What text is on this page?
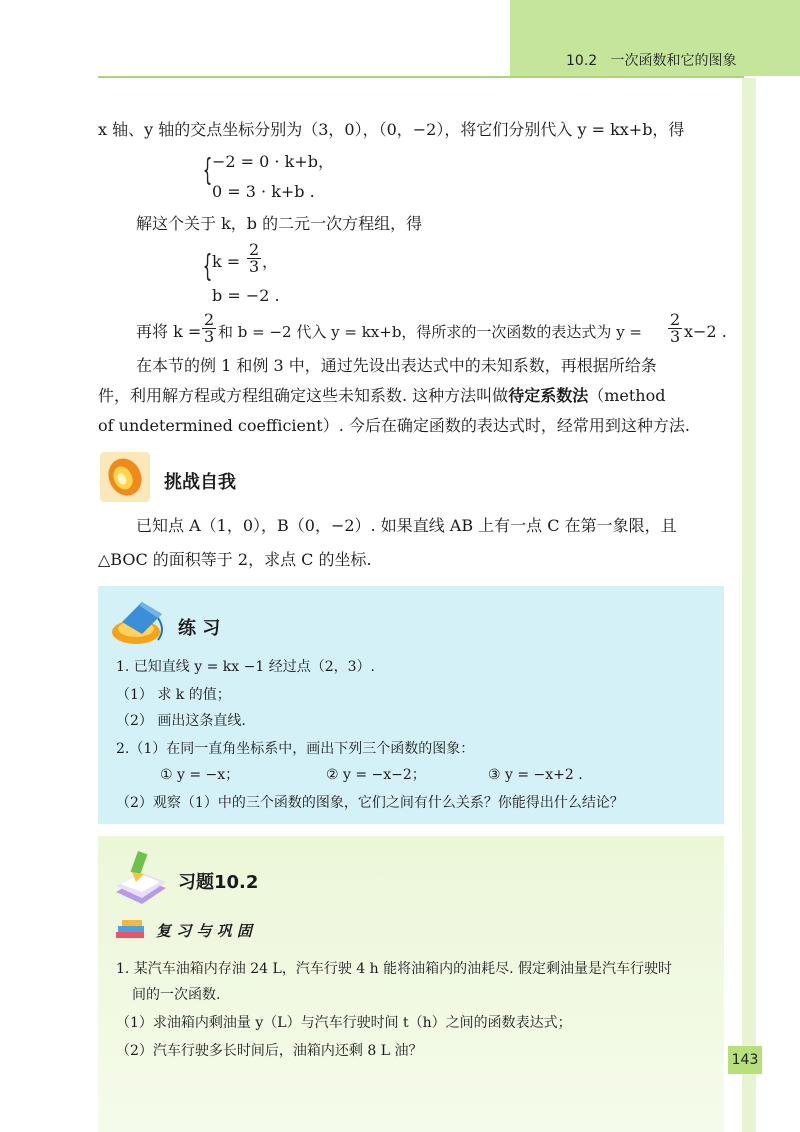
10.2 一次函数和它的图象
x 轴、y 轴的交点坐标分别为（3，0），（0，−2），将它们分别代入 y = kx+b，得
{ −2 = 0 · k+b，
0 = 3 · k+b .
解这个关于 k，b 的二元一次方程组，得
{ $k = \frac{2}{3}$ ，
b = −2 .
再将 $k = \frac{2}{3}$ 和 b = −2 代入 y = kx+b，得所求的一次函数的表达式为 $y = \frac{2}{3} x-2$ .
在本节的例 1 和例 3 中，通过先设出表达式中的未知系数，再根据所给条
件，利用解方程或方程组确定这些未知系数. 这种方法叫做待定系数法（method
of undetermined coefficient）. 今后在确定函数的表达式时，经常用到这种方法.
挑战自我
已知点 A（1，0），B（0，−2）. 如果直线 AB 上有一点 C 在第一象限，且
△BOC 的面积等于 2，求点 C 的坐标.
练 习
1. 已知直线 y = kx −1 经过点（2，3）.
（1） 求 k 的值；
（2） 画出这条直线.
2.（1）在同一直角坐标系中，画出下列三个函数的图象：
① y = −x；	② y = −x−2；	③ y = −x+2 .
（2）观察（1）中的三个函数的图象，它们之间有什么关系？你能得出什么结论？
习题10.2
复 习 与 巩 固
1. 某汽车油箱内存油 24 L，汽车行驶 4 h 能将油箱内的油耗尽. 假定剩油量是汽车行驶时
间的一次函数.
（1）求油箱内剩油量 y（L）与汽车行驶时间 t（h）之间的函数表达式；
（2）汽车行驶多长时间后，油箱内还剩 8 L 油？
143
